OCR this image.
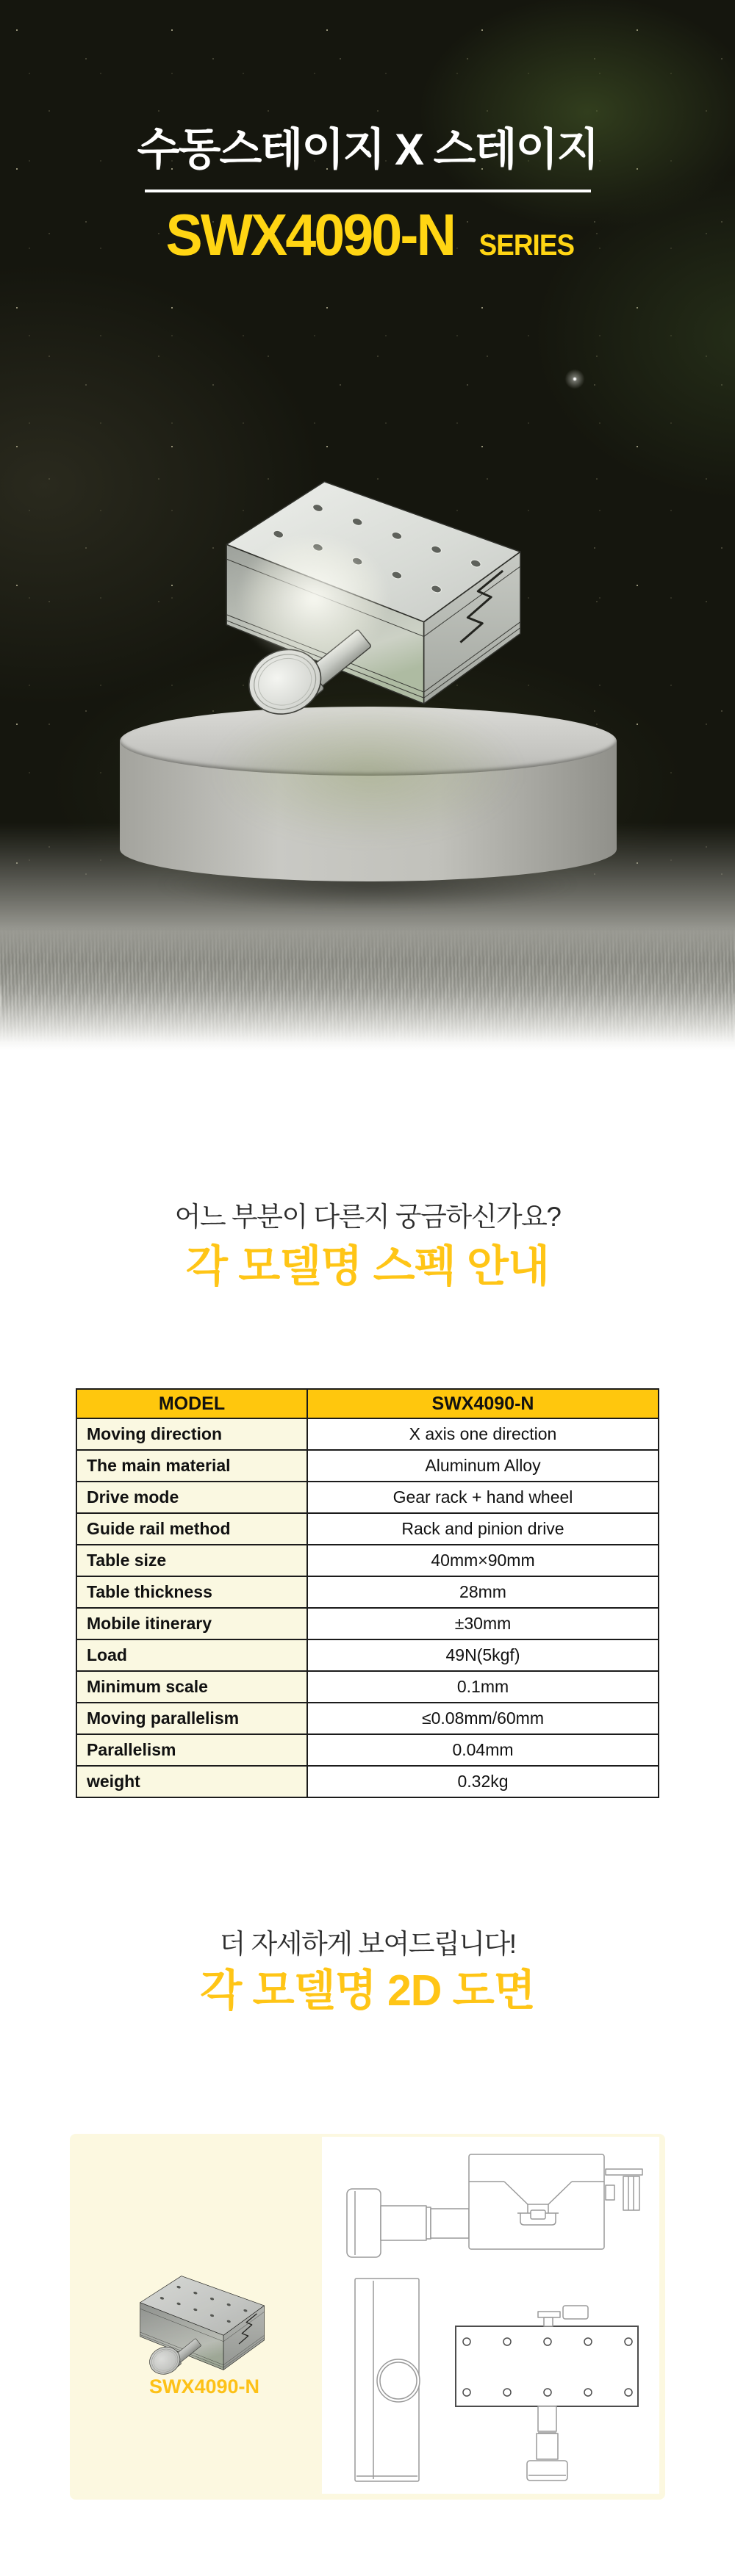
수동스테이지 X 스테이지
SWX4090-N SERIES
어느 부분이 다른지 궁금하신가요?
각 모델명 스펙 안내
MODEL	SWX4090-N
Moving direction	X axis one direction
The main material	Aluminum Alloy
Drive mode	Gear rack + hand wheel
Guide rail method	Rack and pinion drive
Table size	40mm×90mm
Table thickness	28mm
Mobile itinerary	±30mm
Load	49N(5kgf)
Minimum scale	0.1mm
Moving parallelism	≤0.08mm/60mm
Parallelism	0.04mm
weight	0.32kg
더 자세하게 보여드립니다!
각 모델명 2D 도면
SWX4090-N
